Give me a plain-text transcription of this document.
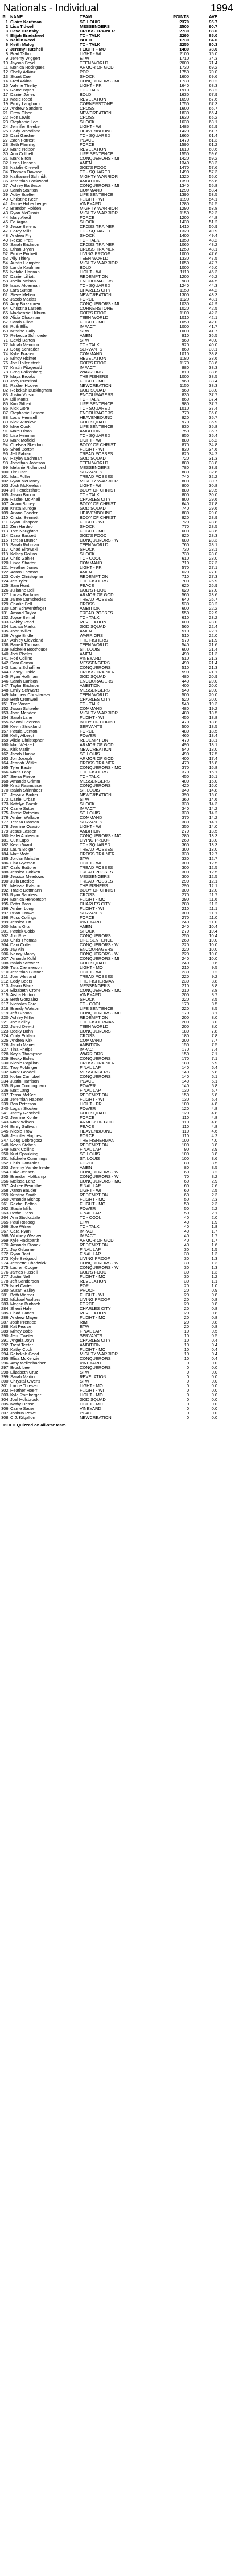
Nationals - Individual	1994
PL NAME	TEAM	POINTS	AVE
1 Claire Kaufman	ST. LOUIS	2370	95.7
2 Lisa Tidwell	MESSENGERS	2500	90.7
3 Dave Dransky	CROSS TRAINER	2730	88.0
4 Elijah Bradstreet	TC - TALK	2290	85.0
5 Kaitlin Reed	BOLD	1730	84.0
6 Keith Maloy	TC - TALK	2250	80.3
7 Jeremy Hutchell	FLIGHT - MO	1480	78.0
8 Brad Talbot	LIGHT - WI	2100	75.0
9 Jeremy Wiggert	ETW	1710	74.3
10 Jayson Boyd	TEEN WORLD	2000	71.4
11 Monica Rodrigues	ARMOR OF GOD	1730	69.2
12 Shelly Adkinz	POP	1750	70.0
13 Stuart Cue	SHOCK	1600	69.6
14 Fred Atkins	CONQUERORS - MI	1730	69.2
15 Valerie Thelby	LIGHT - FR	1640	68.3
16 Rome Bryan	TC - TALK	1910	68.2
17 Daniel Jones	BOLD	1630	67.9
18 Kacie Reed	REVELATION	1690	67.6
19 Emily Langham	CORNERSTONE	1750	67.3
20 Andrew Sanders	CROSS	1600	66.7
21 Drew Olson	NEWCREATION	1830	65.4
22 Ron Lewis	CROSS	1630	65.2
23 Stephanie Lee	SHOCK	1630	63.1
24 Jennifer Bleeker	LIGHT - WI	1485	62.9
25 Cody Woodland	HEAVENBOUND	1420	61.7
26 Dani Gardner	TC - SQUARED	1660	61.4
27 Zach Forrest	PEACE	1470	61.3
28 Seth Fleming	FORCE	1590	61.2
29 Marie Nelson	REVELATION	1610	60.6
30 Ann Collbell	LIFE SENTENCE	1550	59.6
31 Mark Biron	CONQUERORS - MI	1420	59.2
32 Leah Hansen	AMEN	1340	58.3
33 Natalie Crewell	GOD'S FOOD	1470	57.6
34 Thomas Dawson	TC - SQUARED	1490	57.3
35 Nathanael Schmidt	MIGHTY WARRIOR	1320	55.0
36 Jeremiah Lockwood	AMBITION	1390	55.6
37 Ashley Bartleson	CONQUERORS - MI	1340	55.8
38 Sarah Stanton	COMMAND	1290	53.4
39 Autry Buelter	LIFE SENTENCE	1390	53.5
40 Christine Keen	FLIGHT - WI	1190	54.1
41 Jamie Hohenberger	VINEYARD	1280	52.5
42 Brandon Holden	MIGHTY WARRIOR	1290	53.8
43 Ryan McGinnis	MIGHTY WARRIOR	1150	52.3
44 Mary Alexil	FORCE	1200	44.8
45 Ed Argos	SHOCK	1430	51.2
46 Jesse Berens	CROSS TRAINER	1410	50.9
47 Corey Mills	TC - SQUARED	1320	49.9
48 Andrea Fry	SHOCK	1400	49.4
49 Reese Pratt	TC - TALK	1350	48.2
50 Sarah Erickson	CROSS TRAINER	1060	48.2
51 Ethan Bryan	CROSS TRAINER	1250	48.1
52 Emilie Prickett	LIVING PROOF	1000	47.6
53 Ally Thiery	TEEN WORLD	1330	47.5
54 Austin Hampton	MIGHTY WARRIOR	1050	47.7
55 Landa Kaufman	BOLD	1000	45.0
56 Natalie Hannan	LIGHT - WI	1110	46.3
57 Daniel Lilliott	REDEMPTION	1200	46.2
58 Joella Nelson	ENCOURAGERS	980	44.5
59 Isaac Alderman	TC - SQUARED	1240	44.3
60 Lara Sutton	CHARLES CITY	1150	44.2
61 Steve Mellen	NEWCREATION	1300	43.3
62 Jacob Macias	FORCE	1120	43.1
63 Amy Buzzkoren	CONQUERORS - MI	1030	42.9
64 Christina Larsen	CORNERSTONE	1020	42.5
65 Mackenzie Hilburn	GOD'S FOOD	1100	42.3
66 Alicia Chapman	TEEN WORLD	1010	42.1
67 Sarah Fillott	FLIGHT - MO	1050	42.0
68 Ruth Ellis	IMPACT	1000	41.7
69 Kristine Dally	STW	1000	41.7
70 Rebecca Schroeder	AMEN	910	36.5
71 David Barton	STW	960	40.0
72 Micah Mencino	TC - TALK	920	40.0
73 Doug Schrader	SERVANTS	860	39.1
74 Kylie Frazier	COMMAND	1010	38.8
75 Mindy Richter	REVELATION	1180	38.6
76 Jon Hollenstedt	GOD'S FOOD	1170	38.6
77 Kristin Fitzgerald	IMPACT	880	38.3
78 Greg Falkenberg	WARRIORS	810	38.6
79 Maya Brooks	THE FISHERS	1000	38.5
80 Jody Prestinol	FLIGHT - MO	960	38.4
81 Rachel Hooven	NEWCREATION	1150	38.3
82 Rebekah Buckingham	GOD SQUAD	960	38.0
83 Justin Vinson	ENCOURAGERS	830	37.7
84 Bill Mantz	TC - TALK	860	37.4
85 Kim Gilbert	LIFE SENTENCE	980	37.7
86 Nick Gore	TC - SQUARED	1010	37.4
87 Stephanie Losson	ENCOURAGERS	770	35.0
88 Louis Hemsell	HEAVENBOUND	820	35.7
89 Nick Winslow	GOD SQUAD	970	35.9
90 Mike Cook	LIFE SENTENCE	930	35.8
91 Marc Dixon	AMBITION	750	35.7
92 Lisa Hemmer	TC - SQUARED	850	35.4
93 Mark Mofield	LIGHT - WI	880	35.2
94 Chelsea Skeldon	BODY OF CHRIST	870	34.8
95 Sheri Dorton	FLIGHT - WI	830	34.6
96 Jeff Fabian	TREAD POSSES	820	34.2
97 Hayley Lachman	GOD SQUAD	720	31.3
98 Jonathan Johnson	TEEN WORLD	880	33.8
99 Melanie Richmond	MESSENGERS	780	33.9
100 Tim Carr	SERVANTS	880	32.6
101 Matt Fuller	TREAD POSSES	740	32.2
102 Ryan McHaney	MIGHTY WARRIOR	800	30.7
103 Josh McKeehan	LIGHT - WI	800	30.8
104 Jill Hendershott	BODY OF CHRIST	880	29.5
105 Jason Bacon	TC - TALK	800	30.0
106 Rachel McPhail	CHARLES CITY	800	29.6
107 Adam Birney	BODY OF CHRIST	640	27.8
108 Krista Burdge	GOD SQUAD	740	29.6
109 Ariana Bonder	HEAVENBOUND	880	29.0
110 Cristal Bennett	BODY OF CHRIST	820	28.9
111 Ryan Diaspora	FLIGHT - WI	720	28.8
112 Zen Hardeo	SHOCK	770	28.5
113 Tom Naughton	FLIGHT - MO	600	28.6
114 Dana Bassett	GOD'S FOOD	820	28.3
115 Teresa Bruner	CONQUERORS - WI	680	28.3
116 Sarah Rohman	TEEN WORLD	760	28.1
117 Chad Elrowski	SHOCK	730	28.1
118 Kelsey Rollins	SHOCK	730	28.0
119 Chris Gahler	TC - COOL	610	28.0
120 Linda Shatter	COMMAND	710	27.3
121 Heather Jones	LIGHT - FR	570	27.1
122 Aaron Thomas	AMEN	620	27.0
123 Cody Christopher	REDEMPTION	710	27.3
124 Jen Tyler	THE FISHERS	700	26.9
125 Sam Hunt	PEACE	620	26.9
126 Julianne Bell	GOD'S FOOD	620	27.0
127 Lucas Backman	ARMOR OF GOD	560	23.6
128 Jaime Cumshedes	TREAD POSSES	640	26.7
129 Charlie Bell	CROSS	530	23.2
130 Lori Schwerdtfeger	AMBITION	600	22.2
131 Amand Taylor	TREAD POSSES	550	22.9
132 Joyce Bernal	TC - TALK	610	23.2
133 Robby Reed	REVELATION	600	23.0
134 Louisa Marks	GOD SQUAD	560	22.4
135 John Willer	AMEN	510	22.1
136 Angie Bridle	WARRIORS	510	22.0
137 Ashley Cleveland	THE FISHERS	570	21.9
138 Barrett Thomas	TEEN WORLD	540	21.6
139 Michelle Boothouse	ST. LOUIS	600	21.4
140 Jodi Phelps	AMEN	490	21.3
141 Rod Collins	VINEYARD	510	21.3
142 Sara Grimm	MESSENGERS	490	21.4
143 Laura Schaffner	CONQUERORS	510	21.3
144 Casey Hinkle	CROSS TRAINER	590	21.1
145 Ryan Hoffman	GOD SQUAD	480	20.9
146 Sarah Carlson	ENCOURAGERS	440	20.0
147 Taylor Erickson	AMBITION	400	20.0
148 Emily Schwartz	MESSENGERS	540	20.0
149 Matthew Christiansen	TEEN WORLD	500	20.0
150 Beth Cromwell	CHARLES CITY	520	20.0
151 Tim Vance	TC - TALK	540	19.3
152 Jason Schaefer	COMMAND	480	19.2
153 Joan Mendez	MIGHTY WARRIOR	480	18.5
154 Sarah Lane	FLIGHT - WI	450	18.8
155 Naomi Beerens	BODY OF CHRIST	470	18.8
156 Kevin Strickland	SERVANTS	500	18.5
157 Patula Denton	FORCE	480	18.5
158 Kelly Albergt	POWER	460	18.4
159 Alicia Christopher	REDEMPTION	470	18.1
160 Matt Wetzell	ARMOR OF GOD	490	18.1
161 Kirk Marlin	NEWCREATION	540	18.0
162 Jacob Hanna	ST. LOUIS	490	17.5
163 Jon Joseph	ARMOR OF GOD	400	17.4
164 Jeanah Wiltke	CROSS TRAINER	470	16.8
165 Tyler Baxter	CONQUERORS - MO	370	16.8
166 Maris Lapp	THE FISHERS	370	16.1
167 Sierra Pierce	TC - TALK	450	16.1
168 Amanda Grimm	MESSENGERS	400	16.0
169 Kristi Rasmussen	CONQUERORS	420	16.0
170 Isaiah Shinnbeer	ST. LOUIS	340	14.8
171 Jessica Barker	NEWCREATION	390	15.0
172 Daniel Urban	STW	360	14.6
173 Katelyn Pazsk	SHOCK	330	14.3
174 Carrie Sutter	IMPACT	340	14.2
175 Jamie Rotheim	ST. LOUIS	330	14.2
176 Amber Wallace	COMMAND	370	14.2
177 Teresa Hansen	SERVANTS	380	14.1
178 Jeanine Ocasio	LIGHT - WI	350	14.0
179 Jesus Lassen	AMBITION	270	13.5
180 Halei Anderson	CONQUERORS - MO	280	13.3
181 Curt Lupp	LIVING PROOF	260	13.0
182 Kevin Ward	TC - SQUARED	360	13.3
183 Laura Bolger	TREAD POSSES	300	13.0
184 Matt Mote	CROSS TRAINER	330	12.7
185 Jordan Meistler	STW	330	12.7
186 Lisa Ryerson	LIGHT - WI	300	12.5
187 Carlo Buttone	TREAD POSSES	300	12.5
188 Jessica Dokken	TREAD POSSES	300	12.5
189 Jessica Meadows	MESSENGERS	300	12.5
190 Julia Bredbe	TREAD POSSES	290	12.1
191 Melissa Ralston	THE FISHERS	290	12.1
192 Tracie Dettmann	BODY OF CHRIST	300	12.0
193 Ryan Sanders	CROSS	270	11.7
194 Monica Henderson	FLIGHT - MO	290	11.6
195 Peter Bass	CHARLES CITY	280	11.2
196 Amber Long	FLIGHT - WI	210	11.1
197 Brian Crowe	SERVANTS	300	11.1
198 Russ Collings	FORCE	270	11.0
199 Jessica Ott	VINEYARD	240	11.0
200 Maria Gitz	AMEN	240	10.4
201 Patrick Cobb	SHOCK	270	10.4
202 Jon Roe	CONQUERORS	250	10.4
203 Chris Thomas	LIFE SENTENCE	260	10.0
204 Dani Cotter	CONQUERORS - WI	220	10.0
205 Jay Ain	ENCOURAGERS	220	10.0
206 Nancy Manry	CONQUERORS - WI	220	10.0
207 Amanda Kuhl	CONQUERORS - MI	240	10.0
208 Isaiah Schwarz	GOD SQUAD	240	9.6
209 Tara Crennerson	LIGHT - MO	210	9.5
210 Jeremiah Buttner	LIGHT - WI	230	9.2
211 Joan Alstrand	TREAD POSSES	220	9.2
212 Eddy Beers	THE FISHERMAN	230	8.8
213 Jason Blanz	MESSENGERS	210	8.8
214 Elizabeth Crone	CONQUERORS - MO	210	8.8
215 Aisha Hutton	VINEYARD	200	8.7
216 Beth Gonzalez	SHOCK	220	8.5
217 Nicholas Ford	TC - COOL	170	8.5
218 Brandy Watson	LIFE SENTENCE	220	8.5
219 Jeff Gibson	CONQUERORS - MO	170	8.1
220 Ashley Miller	REDEMPTION	200	8.0
221 Joe Kelley	THE FISHERMAN	200	8.0
222 Jared Dewitt	TEEN WORLD	200	8.0
223 Becky Bohn	CONQUERORS	180	7.8
224 Cody Eckland	CROSS	180	7.8
225 Andrea Kirk	COMMAND	200	7.7
226 Jacob Mauer	AMBITION	150	7.5
227 Tina Phelps	IMPACT	170	7.4
228 Kayla Thompson	WARRIORS	150	7.1
229 Becky Boles	CONQUERORS	170	7.1
230 Nicole Papillon	CROSS TRAINER	180	6.9
231 Troy Foldinger	FINAL LAP	140	6.4
232 Mark Goodell	MESSENGERS	140	5.8
233 Nolan Campbell	CONQUERORS	140	6.1
234 Justin Harrison	PEACE	140	6.1
235 Ryan Cunningham	POWER	140	5.8
236 Matt Lang	FINAL LAP	130	5.7
237 Tessa McKee	REDEMPTION	150	5.8
238 Jeremiah Hapner	FLIGHT - WI	130	5.4
239 Ben Peterson	LIGHT - FR	100	4.8
240 Logan Stocker	POWER	120	4.8
241 Jarrey Reschell	GOD SQUAD	120	4.8
242 Jeanine Kohler	FORCE	110	4.8
243 Mark Wilson	ARMOR OF GOD	110	4.8
244 Emily Sullivan	PEACE	110	4.8
245 Nicole Trow	HEAVENBOUND	110	4.6
246 Jennifer Hughes	FORCE	110	4.2
247 Doug Dobrogosz	THE FISHERMAN	100	4.0
248 Kevin Stehen	REDEMPTION	100	3.8
249 Mark Collins	FINAL LAP	90	3.9
250 Kurt Spaulding	ST. LOUIS	100	3.8
251 Michelle Cummings	ST. LOUIS	100	3.6
252 Chris Gonzales	FORCE	80	3.5
253 Jeremy Vanderheide	AMEN	80	3.5
254 Luke Jensen	CONQUERORS - WI	60	3.2
255 Brandon Holtkamp	CONQUERORS - WI	70	3.2
256 Melissa Lenz	CONQUERORS - MO	60	2.9
257 Ashlee Pearlshe	FINAL LAP	60	2.6
258 Aaron Bauder	LIGHT - WI	60	2.5
259 Kristina Smith	REDEMPTION	60	2.3
260 Amanda Bishop	FLIGHT - MO	50	2.3
261 Rachel Belton	FLIGHT - MO	50	2.3
262 Stacie Mills	POWER	50	2.2
263 Bethel Bass	FINAL LAP	50	2.1
264 Ann Stocksdale	TC - COOL	40	2.0
265 Paul Rosoog	ETW	40	1.9
266 Sue Wilner	TC - TALK	40	1.8
267 Cara Ryan	IMPACT	40	1.7
268 Whitney Weaver	IMPACT	40	1.7
269 Kyle Hackbarth	ARMOR OF GOD	40	1.7
270 Amanda Stanek	REDEMPTION	40	1.6
271 Jay Osborne	FINAL LAP	30	1.5
272 Ryan Bast	FINAL LAP	30	1.3
273 Kyle Bedgood	LIVING PROOF	30	1.3
274 Jennette Chadwick	CONQUERORS - WI	30	1.3
275 Lauren Cooper	CONQUERORS - WI	30	1.3
276 James Fussell	GOD'S FOOD	30	1.3
277 Justin Nell	FLIGHT - MO	30	1.2
278 Jeff Sanderson	REVELATION	30	1.1
279 Noel Carter	POP	20	1.0
280 Susan Bailey	PROOF	20	0.9
281 Beth Warner	FLIGHT - WI	20	0.8
282 Michael Walters	LIVING PROOF	20	0.8
283 Megan Burbach	FORCE	20	0.8
284 Sherri Hale	CHARLES CITY	20	0.8
285 Chad Hanes	REVELATION	20	0.8
286 Andrew Mayer	FLIGHT - MO	20	0.8
287 Josh Prentice	RIM	20	0.8
288 Kat Pearce	ETW	20	0.8
289 Mindy Bobb	FINAL LAP	10	0.5
290 Jenn Tweter	SERVANTS	10	0.5
291 Angela Joyn	CHARLES CITY	10	0.4
292 Trent Teeter	AMBITION	10	0.4
293 Kathy Cook	FLIGHT - MO	10	0.4
294 Rebekah Good	MIGHTY WARRIOR	10	0.4
295 Elisa McKenzie	CONQUERORS	10	0.4
296 Amy Mellenbacher	VINEYARD	0	0.0
297 Brock Lee	CONQUERORS	0	0.0
298 Elizabeth Cruz	STW	0	0.0
299 Sarah Martin	REVELATION	0	0.0
300 Chrystal Owens	STW	0	0.0
301 Lance Toresen	LIGHT - MO	0	0.0
302 Heather Hoerr	FLIGHT - WI	0	0.0
303 Kyle Romberger	LIGHT - MO	0	0.0
304 Joel Holsbrook	GOD SQUAD	0	0.0
305 Kathy Hessel	LIGHT - MO	0	0.0
306 Carrie Sauer	VINEYARD	0	0.0
307 Joshua Powe	PEACE	0	0.0
308 C.J. Kilgallon	NEWCREATION	0	0.0
BOLD Quizzed on all-star team
